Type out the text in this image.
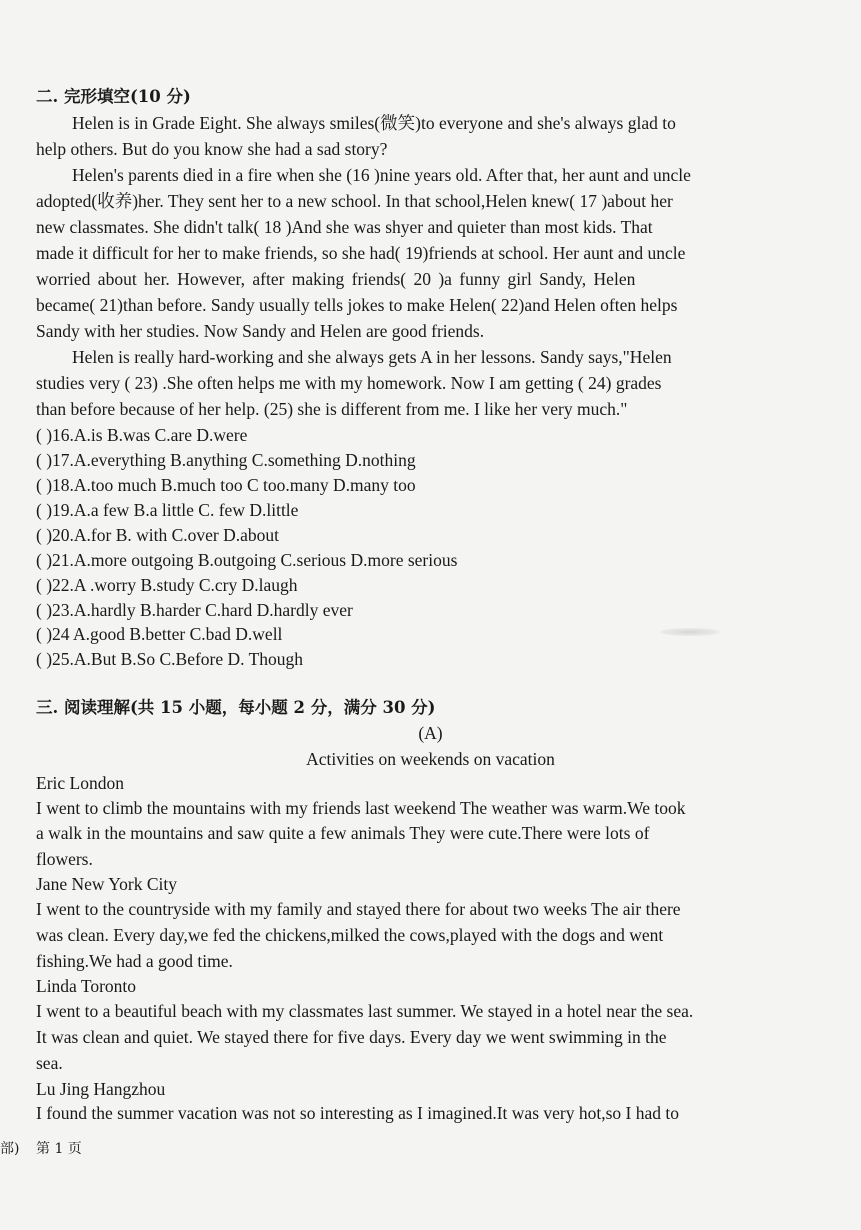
二. 完形填空(10 分)
Helen is in Grade Eight. She always smiles(微笑)to everyone and she's always glad to
help others. But do you know she had a sad story?
Helen's parents died in a fire when she (16 )nine years old. After that, her aunt and uncle
adopted(收养)her. They sent her to a new school. In that school,Helen knew( 17 )about her
new classmates. She didn't talk( 18 )And she was shyer and quieter than most kids. That
made it difficult for her to make friends, so she had( 19)friends at school. Her aunt and uncle
worried about her. However, after making friends( 20 )a funny girl Sandy, Helen
became( 21)than before. Sandy usually tells jokes to make Helen( 22)and Helen often helps
Sandy with her studies. Now Sandy and Helen are good friends.
Helen is really hard-working and she always gets A in her lessons. Sandy says,"Helen
studies very ( 23) .She often helps me with my homework. Now I am getting ( 24) grades
than before because of her help. (25) she is different from me. I like her very much."
( )16.A.is B.was C.are D.were
( )17.A.everything B.anything C.something D.nothing
( )18.A.too much B.much too C too.many D.many too
( )19.A.a few B.a little C. few D.little
( )20.A.for B. with C.over D.about
( )21.A.more outgoing B.outgoing C.serious D.more serious
( )22.A .worry B.study C.cry D.laugh
( )23.A.hardly B.harder C.hard D.hardly ever
( )24 A.good B.better C.bad D.well
( )25.A.But B.So C.Before D. Though
三. 阅读理解(共 15 小题，每小题 2 分，满分 30 分)
(A)
Activities on weekends on vacation
Eric London
I went to climb the mountains with my friends last weekend The weather was warm.We took
a walk in the mountains and saw quite a few animals They were cute.There were lots of
flowers.
Jane New York City
I went to the countryside with my family and stayed there for about two weeks The air there
was clean. Every day,we fed the chickens,milked the cows,played with the dogs and went
fishing.We had a good time.
Linda Toronto
I went to a beautiful beach with my classmates last summer. We stayed in a hotel near the sea.
It was clean and quiet. We stayed there for five days. Every day we went swimming in the
sea.
Lu Jing Hangzhou
I found the summer vacation was not so interesting as I imagined.It was very hot,so I had to
部) 第 1 页
